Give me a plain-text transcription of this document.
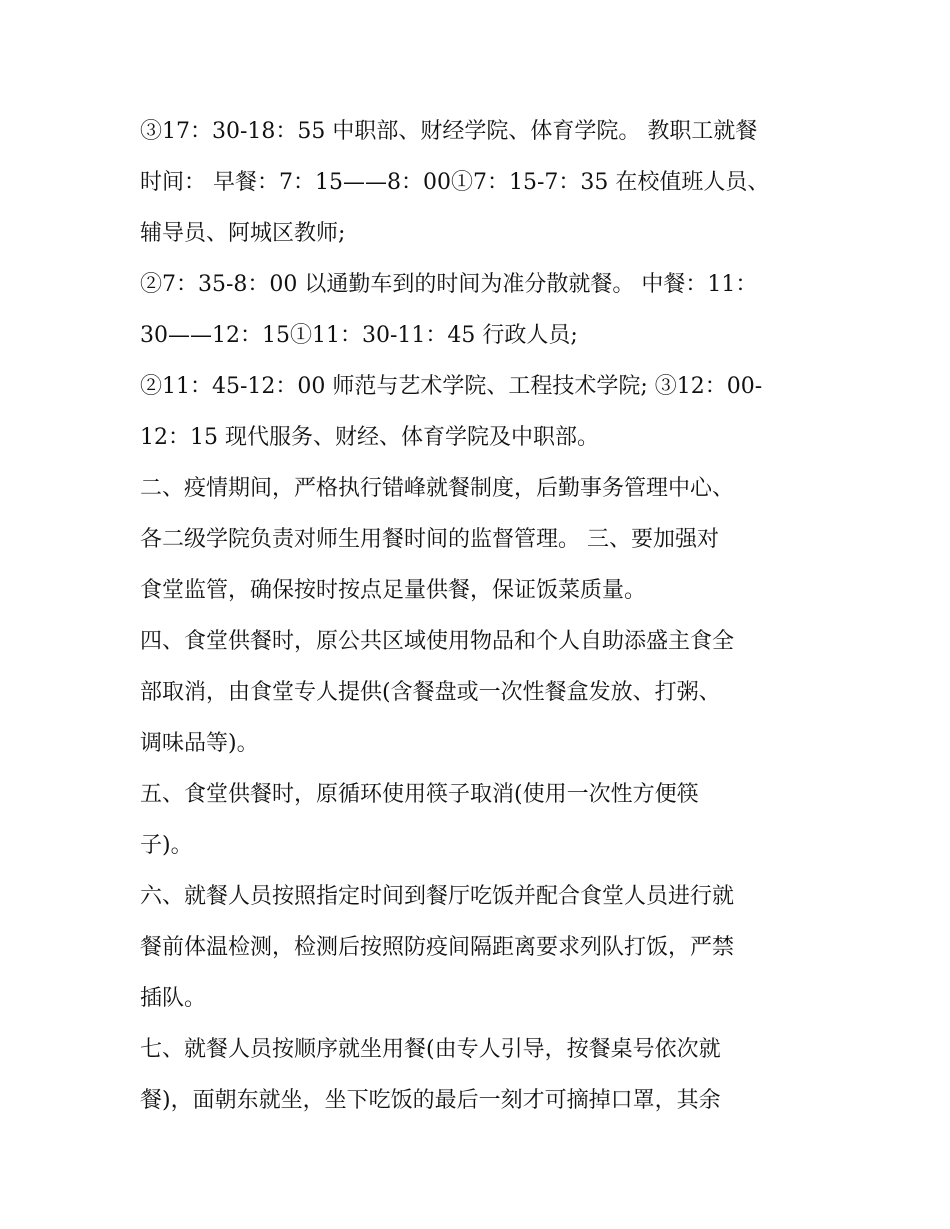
③17：30-18：55 中职部、财经学院、体育学院。 教职工就餐
时间： 早餐：7：15——8：00①7：15-7：35 在校值班人员、
辅导员、阿城区教师;
②7：35-8：00 以通勤车到的时间为准分散就餐。 中餐：11：
30——12：15①11：30-11：45 行政人员;
②11：45-12：00 师范与艺术学院、工程技术学院; ③12：00-
12：15 现代服务、财经、体育学院及中职部。
二、疫情期间，严格执行错峰就餐制度，后勤事务管理中心、
各二级学院负责对师生用餐时间的监督管理。 三、要加强对
食堂监管，确保按时按点足量供餐，保证饭菜质量。
四、食堂供餐时，原公共区域使用物品和个人自助添盛主食全
部取消，由食堂专人提供(含餐盘或一次性餐盒发放、打粥、
调味品等)。
五、食堂供餐时，原循环使用筷子取消(使用一次性方便筷
子)。
六、就餐人员按照指定时间到餐厅吃饭并配合食堂人员进行就
餐前体温检测，检测后按照防疫间隔距离要求列队打饭，严禁
插队。
七、就餐人员按顺序就坐用餐(由专人引导，按餐桌号依次就
餐)，面朝东就坐，坐下吃饭的最后一刻才可摘掉口罩，其余
